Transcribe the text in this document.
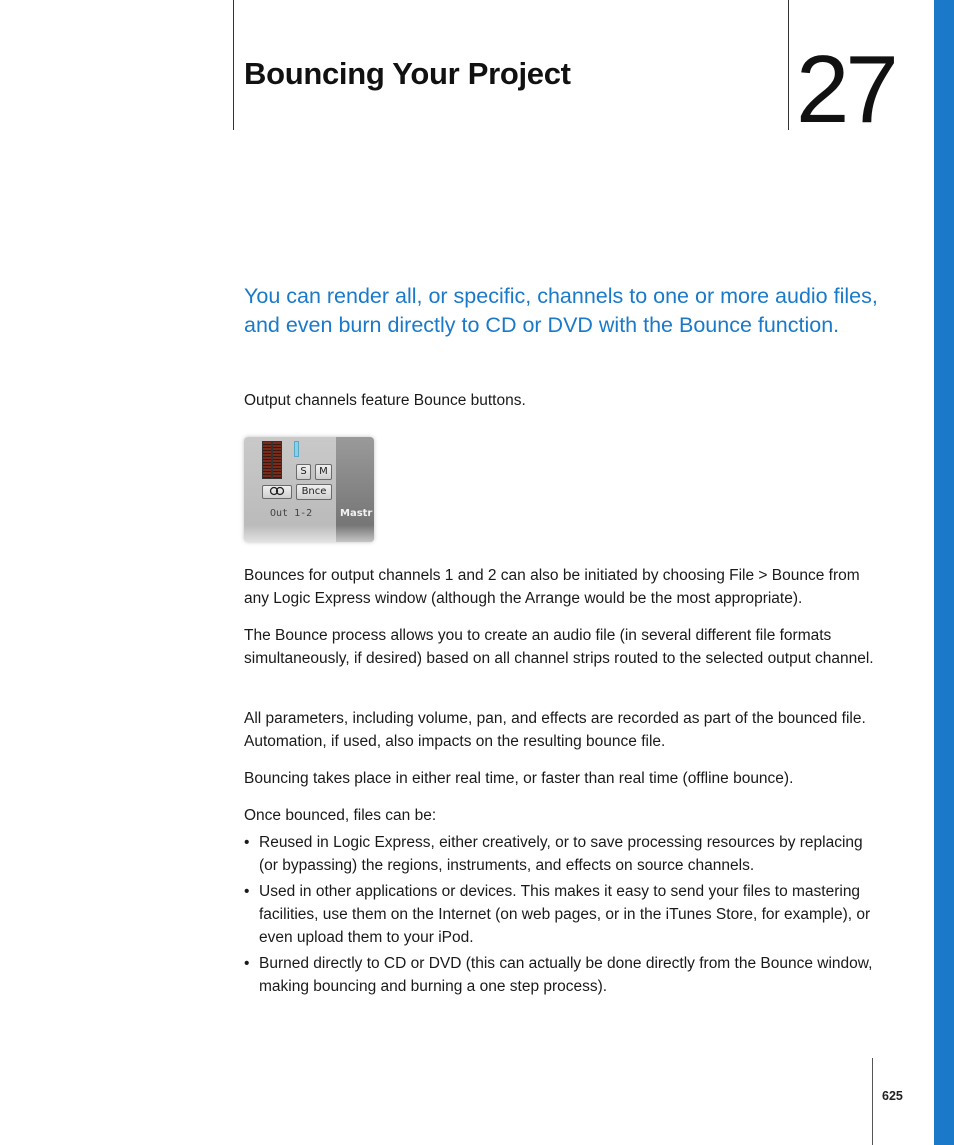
Bouncing Your Project 27

You can render all, or specific, channels to one or more audio files, and even burn directly to CD or DVD with the Bounce function.

Output channels feature Bounce buttons.

S	M
Bnce
Out 1-2	Mastr

Bounces for output channels 1 and 2 can also be initiated by choosing File > Bounce from any Logic Express window (although the Arrange would be the most appropriate).

The Bounce process allows you to create an audio file (in several different file formats simultaneously, if desired) based on all channel strips routed to the selected output channel.

All parameters, including volume, pan, and effects are recorded as part of the bounced file. Automation, if used, also impacts on the resulting bounce file.

Bouncing takes place in either real time, or faster than real time (offline bounce).

Once bounced, files can be:

• Reused in Logic Express, either creatively, or to save processing resources by replacing (or bypassing) the regions, instruments, and effects on source channels.
• Used in other applications or devices. This makes it easy to send your files to mastering facilities, use them on the Internet (on web pages, or in the iTunes Store, for example), or even upload them to your iPod.
• Burned directly to CD or DVD (this can actually be done directly from the Bounce window, making bouncing and burning a one step process).
625
